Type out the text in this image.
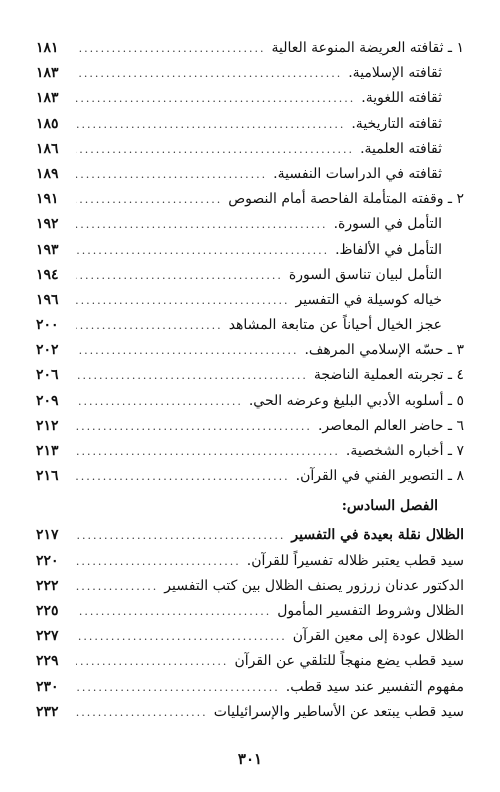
١ ـ ثقافته العريضة المنوعة العالية
.....
١٨١
ثقافته الإسلامية.
.....
١٨٣
ثقافته اللغوية.
.....
١٨٣
ثقافته التاريخية.
.....
١٨٥
ثقافته العلمية.
.....
١٨٦
ثقافته في الدراسات النفسية.
.....
١٨٩
٢ ـ وقفته المتأملة الفاحصة أمام النصوص
.....
١٩١
التأمل في السورة.
.....
١٩٢
التأمل في الألفاظ.
.....
١٩٣
التأمل لبيان تناسق السورة
.....
١٩٤
خياله كوسيلة في التفسير
.....
١٩٦
عجز الخيال أحياناً عن متابعة المشاهد
.....
٢٠٠
٣ ـ حسّه الإسلامي المرهف.
.....
٢٠٢
٤ ـ تجربته العملية الناضجة
.....
٢٠٦
٥ ـ أسلوبه الأدبي البليغ وعرضه الحي.
.....
٢٠٩
٦ ـ حاضر العالم المعاصر.
.....
٢١٢
٧ ـ أخباره الشخصية.
.....
٢١٣
٨ ـ التصوير الفني في القرآن.
.....
٢١٦
الفصل السادس:
الظلال نقلة بعيدة في التفسير
.....
٢١٧
سيد قطب يعتبر ظلاله تفسيراً للقرآن.
.....
٢٢٠
الدكتور عدنان زرزور يصنف الظلال بين كتب التفسير
.....
٢٢٢
الظلال وشروط التفسير المأمول
.....
٢٢٥
الظلال عودة إلى معين القرآن
.....
٢٢٧
سيد قطب يضع منهجاً للتلقي عن القرآن
.....
٢٢٩
مفهوم التفسير عند سيد قطب.
.....
٢٣٠
سيد قطب يبتعد عن الأساطير والإسرائيليات
.....
٢٣٢
٣٠١
